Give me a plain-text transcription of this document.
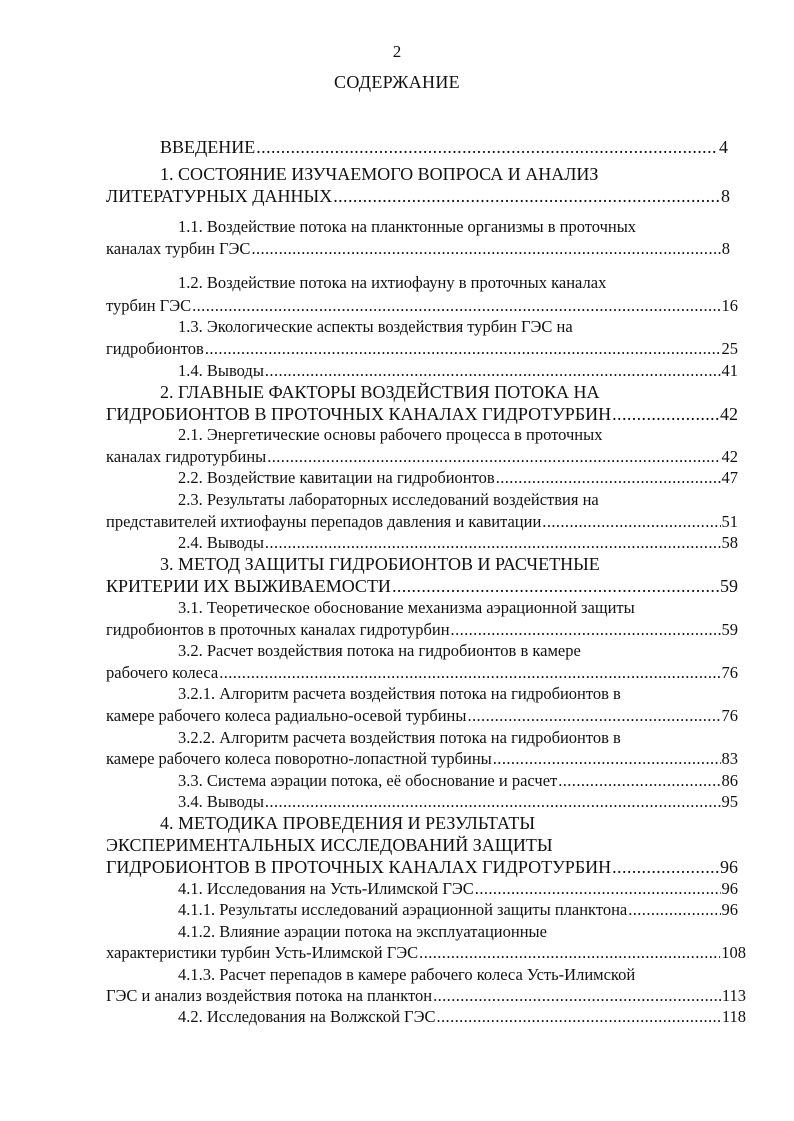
2
СОДЕРЖАНИЕ
ВВЕДЕНИЕ .....	4
1. СОСТОЯНИЕ ИЗУЧАЕМОГО ВОПРОСА И АНАЛИЗ
ЛИТЕРАТУРНЫХ ДАННЫХ .....	8
1.1. Воздействие потока на планктонные организмы в проточных
каналах турбин ГЭС .....	8
1.2. Воздействие потока на ихтиофауну в проточных каналах
турбин ГЭС .....	16
1.3. Экологические аспекты воздействия турбин ГЭС на
гидробионтов .....	25
1.4. Выводы .....	41
2. ГЛАВНЫЕ ФАКТОРЫ ВОЗДЕЙСТВИЯ ПОТОКА НА
ГИДРОБИОНТОВ В ПРОТОЧНЫХ КАНАЛАХ ГИДРОТУРБИН .....	42
2.1. Энергетические основы рабочего процесса в проточных
каналах гидротурбины .....	42
2.2. Воздействие кавитации на гидробионтов .....	47
2.3. Результаты лабораторных исследований воздействия на
представителей ихтиофауны перепадов давления и кавитации .....	51
2.4. Выводы .....	58
3. МЕТОД ЗАЩИТЫ ГИДРОБИОНТОВ И РАСЧЕТНЫЕ
КРИТЕРИИ ИХ ВЫЖИВАЕМОСТИ .....	59
3.1. Теоретическое обоснование механизма аэрационной защиты
гидробионтов в проточных каналах гидротурбин .....	59
3.2. Расчет воздействия потока на гидробионтов в камере
рабочего колеса .....	76
3.2.1. Алгоритм расчета воздействия потока на гидробионтов в
камере рабочего колеса радиально-осевой турбины .....	76
3.2.2. Алгоритм расчета воздействия потока на гидробионтов в
камере рабочего колеса поворотно-лопастной турбины .....	83
3.3. Система аэрации потока, её обоснование и расчет .....	86
3.4. Выводы .....	95
4. МЕТОДИКА ПРОВЕДЕНИЯ И РЕЗУЛЬТАТЫ
ЭКСПЕРИМЕНТАЛЬНЫХ ИССЛЕДОВАНИЙ ЗАЩИТЫ
ГИДРОБИОНТОВ В ПРОТОЧНЫХ КАНАЛАХ ГИДРОТУРБИН .....	96
4.1. Исследования на Усть-Илимской ГЭС .....	96
4.1.1. Результаты исследований аэрационной защиты планктона .....	96
4.1.2. Влияние аэрации потока на эксплуатационные
характеристики турбин Усть-Илимской ГЭС .....	108
4.1.3. Расчет перепадов в камере рабочего колеса Усть-Илимской
ГЭС и анализ воздействия потока на планктон .....	113
4.2. Исследования на Волжской ГЭС .....	118
